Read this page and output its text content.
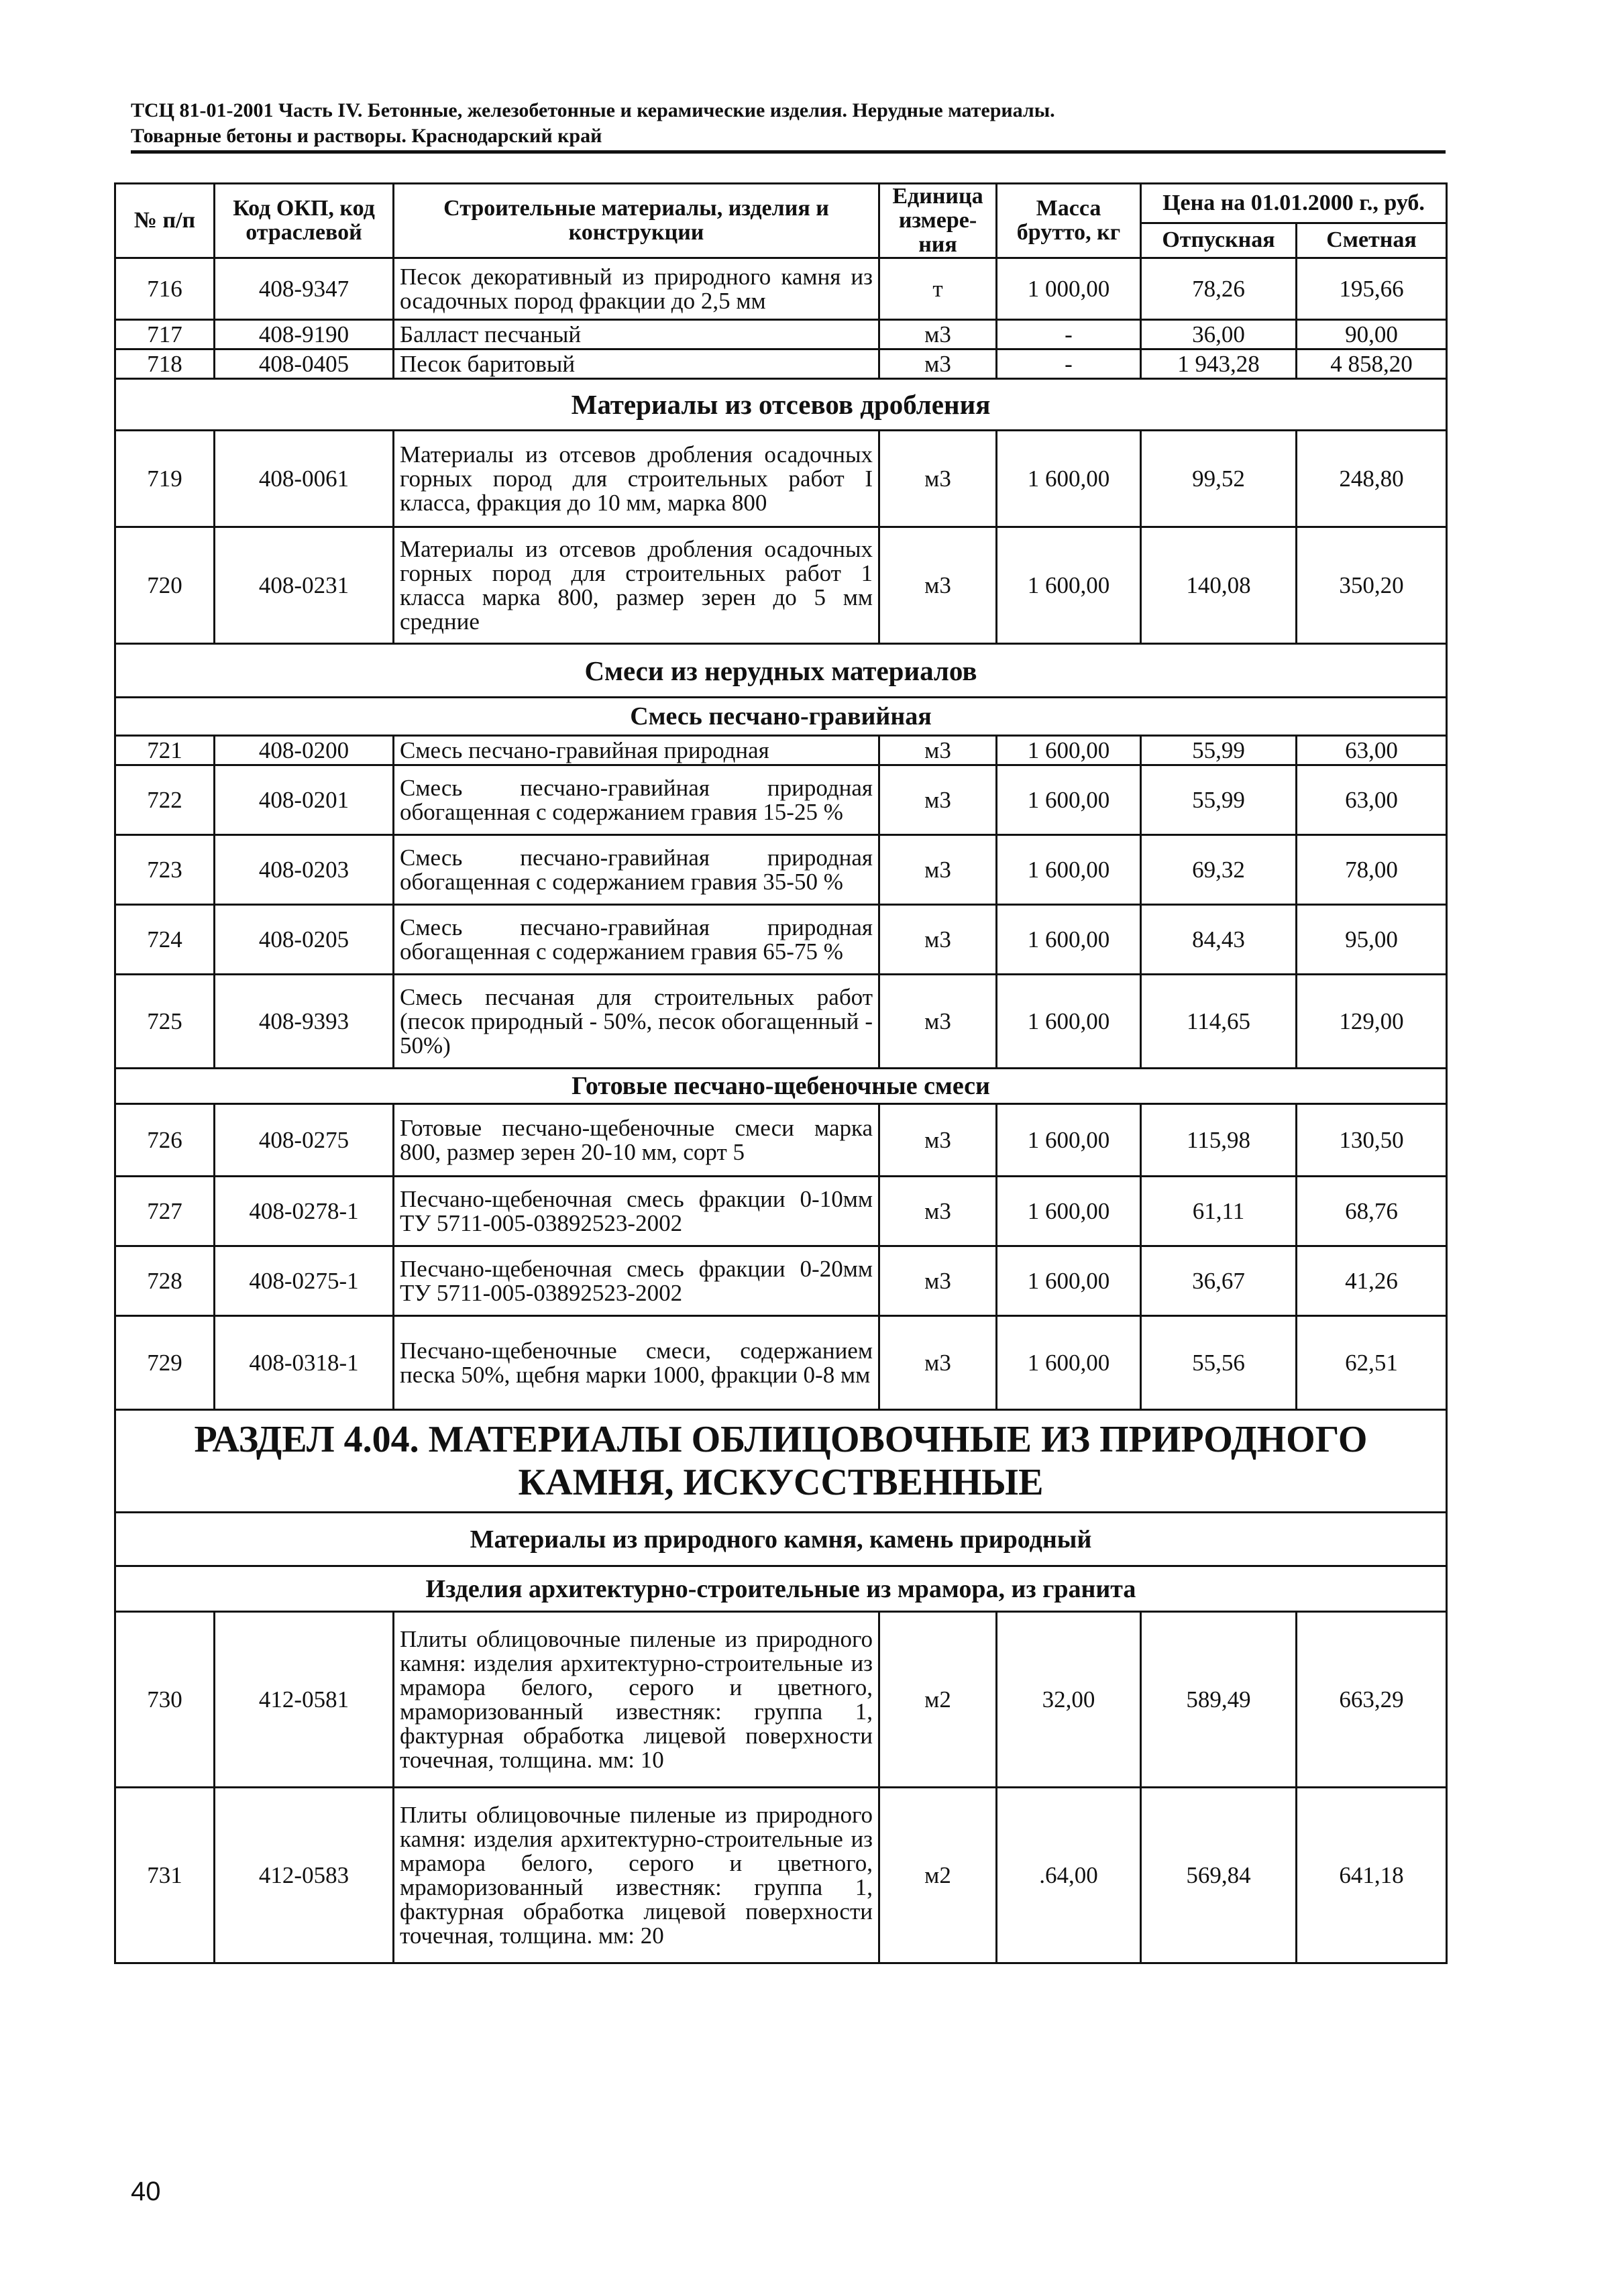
ТСЦ 81-01-2001 Часть IV. Бетонные, железобетонные и керамические изделия. Нерудные материалы.
Товарные бетоны и растворы. Краснодарский край
№ п/п	Код ОКП, код отраслевой	Строительные материалы, изделия и конструкции	Единица измере-ния	Масса брутто, кг	Цена на 01.01.2000 г., руб.	
					Отпускная	Сметная
716	408-9347	Песок декоративный из природного камня из осадочных пород фракции до 2,5 мм	т	1 000,00	78,26	195,66
717	408-9190	Балласт песчаный	м3	-	36,00	90,00
718	408-0405	Песок баритовый	м3	-	1 943,28	4 858,20
Материалы из отсевов дробления						
719	408-0061	Материалы из отсевов дробления осадочных горных пород для строительных работ I класса, фракция до 10 мм, марка 800	м3	1 600,00	99,52	248,80
720	408-0231	Материалы из отсевов дробления осадочных горных пород для строительных работ 1 класса марка 800, размер зерен до 5 мм средние	м3	1 600,00	140,08	350,20
Смеси из нерудных материалов						
Смесь песчано-гравийная						
721	408-0200	Смесь песчано-гравийная природная	м3	1 600,00	55,99	63,00
722	408-0201	Смесь песчано-гравийная природная обогащенная с содержанием гравия 15-25 %	м3	1 600,00	55,99	63,00
723	408-0203	Смесь песчано-гравийная природная обогащенная с содержанием гравия 35-50 %	м3	1 600,00	69,32	78,00
724	408-0205	Смесь песчано-гравийная природная обогащенная с содержанием гравия 65-75 %	м3	1 600,00	84,43	95,00
725	408-9393	Смесь песчаная для строительных работ (песок природный - 50%, песок обогащенный - 50%)	м3	1 600,00	114,65	129,00
Готовые песчано-щебеночные смеси						
726	408-0275	Готовые песчано-щебеночные смеси марка 800, размер зерен 20-10 мм, сорт 5	м3	1 600,00	115,98	130,50
727	408-0278-1	Песчано-щебеночная смесь фракции 0-10мм ТУ 5711-005-03892523-2002	м3	1 600,00	61,11	68,76
728	408-0275-1	Песчано-щебеночная смесь фракции 0-20мм ТУ 5711-005-03892523-2002	м3	1 600,00	36,67	41,26
729	408-0318-1	Песчано-щебеночные смеси, содержанием песка 50%, щебня марки 1000, фракции 0-8 мм	м3	1 600,00	55,56	62,51
РАЗДЕЛ 4.04. МАТЕРИАЛЫ ОБЛИЦОВОЧНЫЕ ИЗ ПРИРОДНОГО КАМНЯ, ИСКУССТВЕННЫЕ						
Материалы из природного камня, камень природный						
Изделия архитектурно-строительные из мрамора, из гранита						
730	412-0581	Плиты облицовочные пиленые из природного камня: изделия архитектурно-строительные из мрамора белого, серого и цветного, мраморизованный известняк: группа 1, фактурная обработка лицевой поверхности точечная, толщина. мм: 10	м2	32,00	589,49	663,29
731	412-0583	Плиты облицовочные пиленые из природного камня: изделия архитектурно-строительные из мрамора белого, серого и цветного, мраморизованный известняк: группа 1, фактурная обработка лицевой поверхности точечная, толщина. мм: 20	м2	.64,00	569,84	641,18
40
